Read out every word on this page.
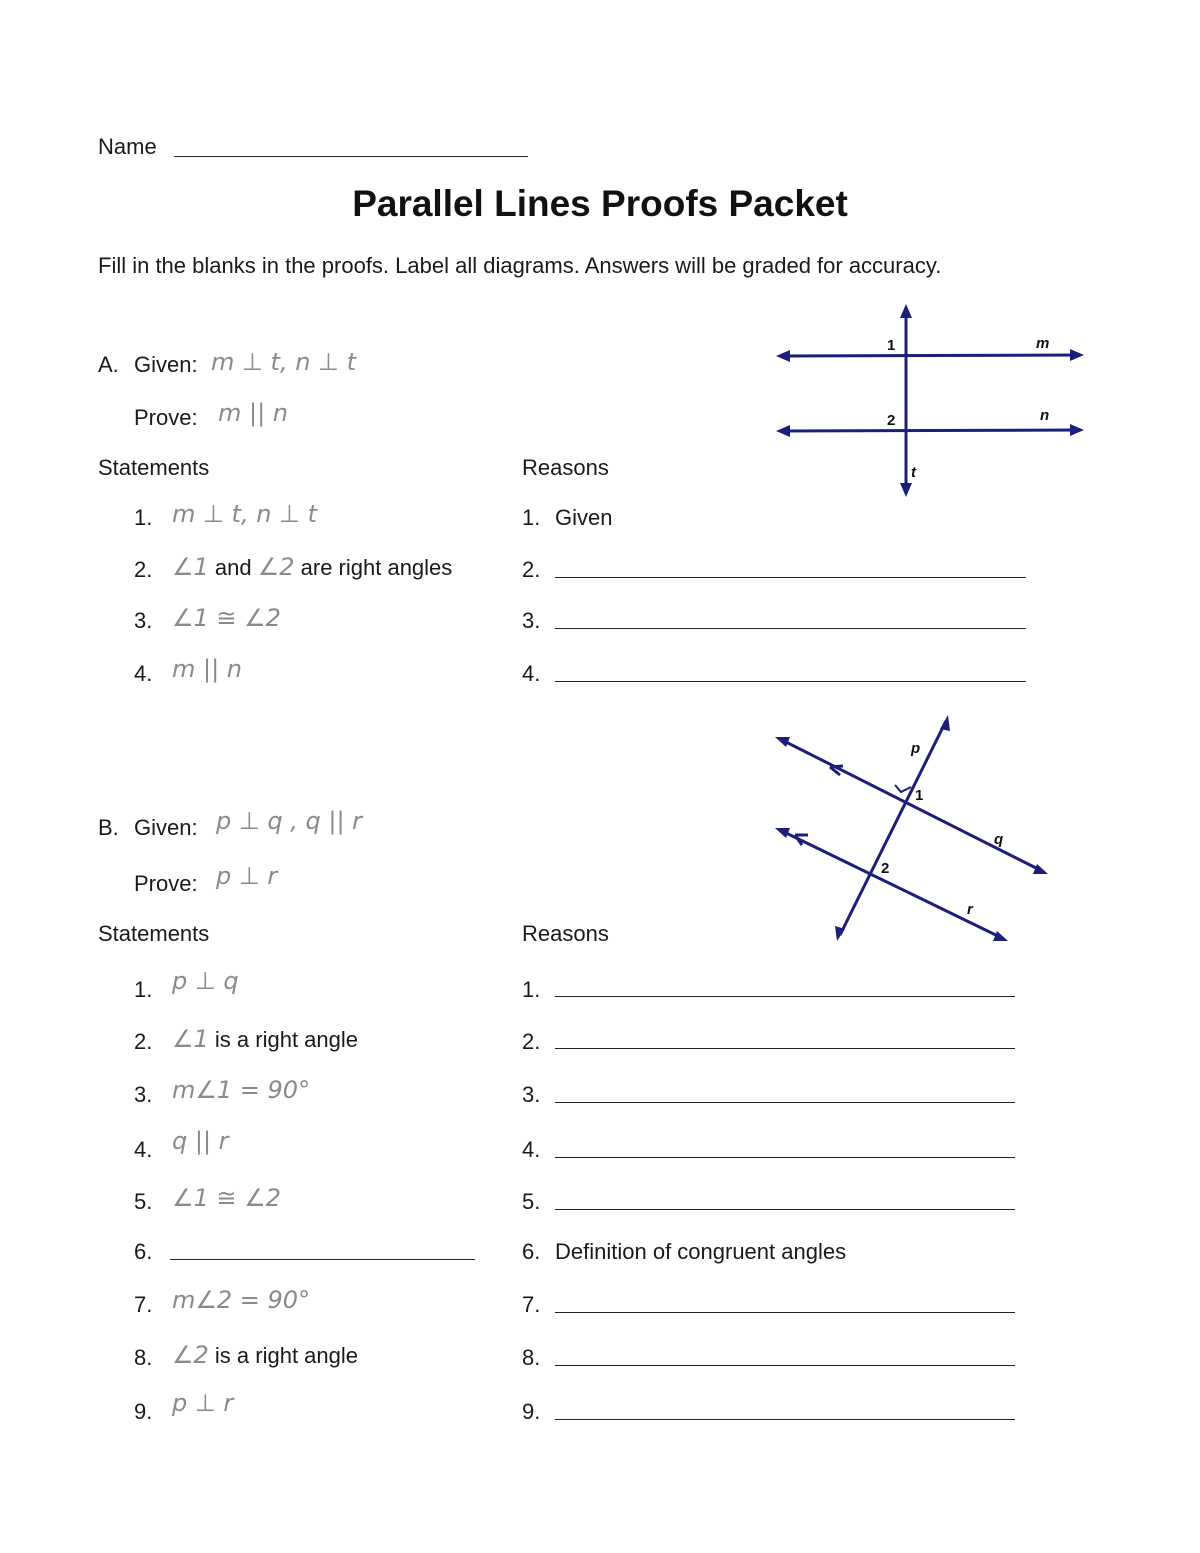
Name
Parallel Lines Proofs Packet
Fill in the blanks in the proofs. Label all diagrams. Answers will be graded for accuracy.
A. Given: m ⊥ t, n ⊥ t
Prove: m || n
Statements	Reasons
1
2
m
n
t
1. m ⊥ t, n ⊥ t
2. ∠1 and ∠2 are right angles
3. ∠1 ≅ ∠2
4. m || n
1. Given
2.
3.
4.
B. Given: p ⊥ q , q || r
Prove: p ⊥ r
Statements	Reasons
p
1
q
2
r
1. p ⊥ q
2. ∠1 is a right angle
3. m∠1 = 90°
4. q || r
5. ∠1 ≅ ∠2
6.
7. m∠2 = 90°
8. ∠2 is a right angle
9. p ⊥ r
1.
2.
3.
4.
5.
6. Definition of congruent angles
7.
8.
9.
